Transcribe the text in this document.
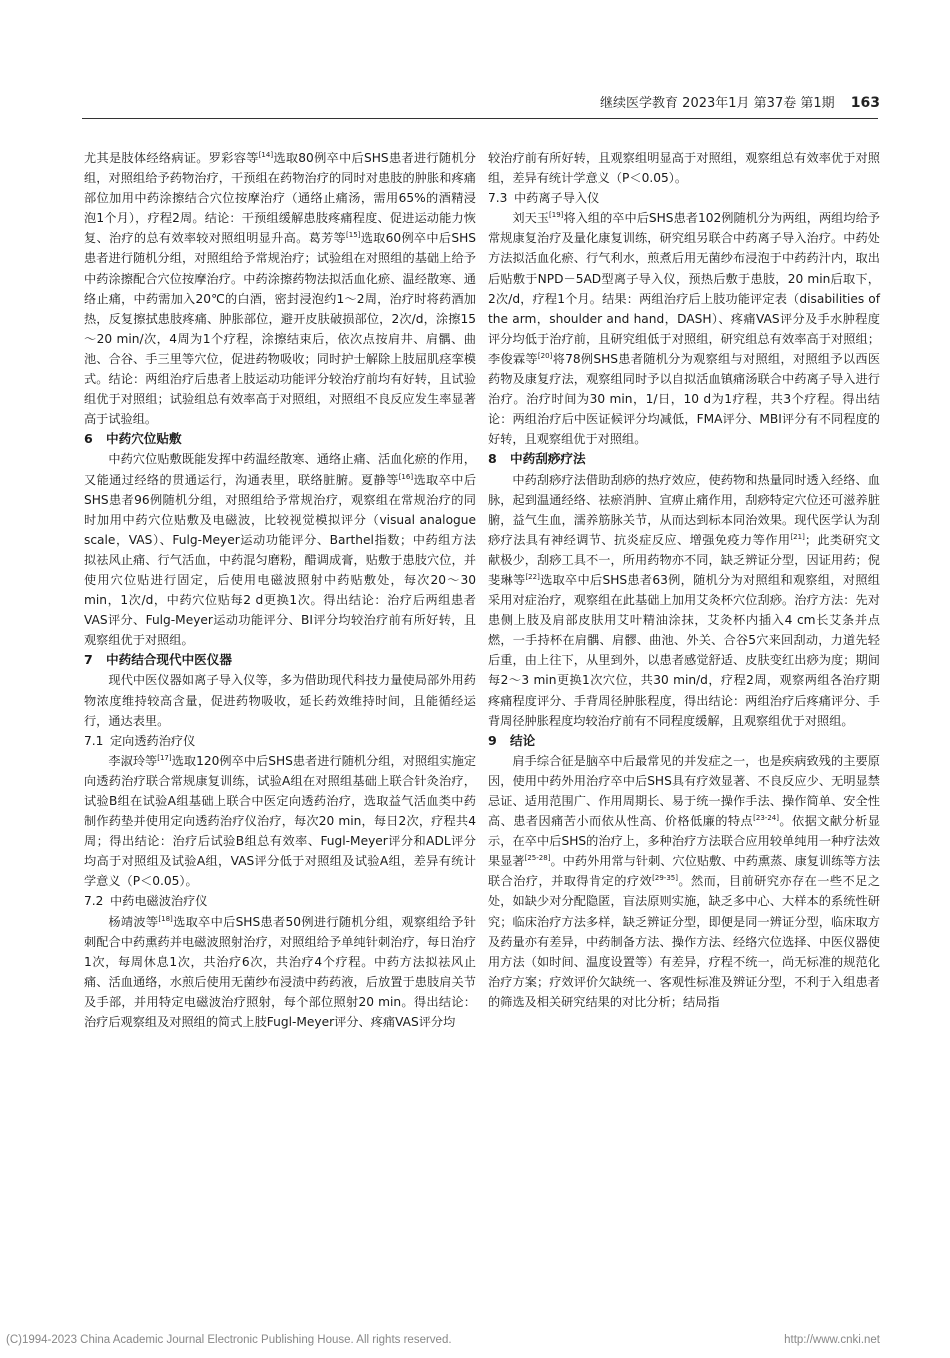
继续医学教育 2023年1月 第37卷 第1期 163

尤其是肢体经络病证。罗彩容等[14]选取80例卒中后SHS患者进行随机分组，对照组给予药物治疗，干预组在药物治疗的同时对患肢的肿胀和疼痛部位加用中药涂擦结合穴位按摩治疗（通络止痛汤，需用65%的酒精浸泡1个月），疗程2周。结论：干预组缓解患肢疼痛程度、促进运动能力恢复、治疗的总有效率较对照组明显升高。葛芳等[15]选取60例卒中后SHS患者进行随机分组，对照组给予常规治疗；试验组在对照组的基础上给予中药涂擦配合穴位按摩治疗。中药涂擦药物法拟活血化瘀、温经散寒、通络止痛，中药需加入20℃的白酒，密封浸泡约1～2周，治疗时将药酒加热，反复擦拭患肢疼痛、肿胀部位，避开皮肤破损部位，2次/d，涂擦15～20 min/次，4周为1个疗程，涂擦结束后，依次点按肩井、肩髃、曲池、合谷、手三里等穴位，促进药物吸收；同时护士解除上肢屈肌痉挛模式。结论：两组治疗后患者上肢运动功能评分较治疗前均有好转，且试验组优于对照组；试验组总有效率高于对照组，对照组不良反应发生率显著高于试验组。

6 中药穴位贴敷

中药穴位贴敷既能发挥中药温经散寒、通络止痛、活血化瘀的作用，又能通过经络的贯通运行，沟通表里，联络脏腑。夏静等[16]选取卒中后SHS患者96例随机分组，对照组给予常规治疗，观察组在常规治疗的同时加用中药穴位贴敷及电磁波，比较视觉模拟评分（visual analogue scale，VAS）、Fulg-Meyer运动功能评分、Barthel指数；中药组方法拟祛风止痛、行气活血，中药混匀磨粉，醋调成膏，贴敷于患肢穴位，并使用穴位贴进行固定，后使用电磁波照射中药贴敷处，每次20～30 min，1次/d，中药穴位贴每2 d更换1次。得出结论：治疗后两组患者VAS评分、Fulg-Meyer运动功能评分、BI评分均较治疗前有所好转，且观察组优于对照组。

7 中药结合现代中医仪器

现代中医仪器如离子导入仪等，多为借助现代科技力量使局部外用药物浓度维持较高含量，促进药物吸收，延长药效维持时间，且能循经运行，通达表里。

7.1 定向透药治疗仪

李淑玲等[17]选取120例卒中后SHS患者进行随机分组，对照组实施定向透药治疗联合常规康复训练，试验A组在对照组基础上联合针灸治疗，试验B组在试验A组基础上联合中医定向透药治疗，选取益气活血类中药制作药垫并使用定向透药治疗仪治疗，每次20 min，每日2次，疗程共4周；得出结论：治疗后试验B组总有效率、Fugl-Meyer评分和ADL评分均高于对照组及试验A组，VAS评分低于对照组及试验A组，差异有统计学意义（P＜0.05）。

7.2 中药电磁波治疗仪

杨靖波等[18]选取卒中后SHS患者50例进行随机分组，观察组给予针刺配合中药熏药并电磁波照射治疗，对照组给予单纯针刺治疗，每日治疗1次，每周休息1次，共治疗6次，共治疗4个疗程。中药方法拟祛风止痛、活血通络，水煎后使用无菌纱布浸渍中药药液，后放置于患肢肩关节及手部，并用特定电磁波治疗照射，每个部位照射20 min。得出结论：治疗后观察组及对照组的简式上肢Fugl-Meyer评分、疼痛VAS评分均

较治疗前有所好转，且观察组明显高于对照组，观察组总有效率优于对照组，差异有统计学意义（P＜0.05）。

7.3 中药离子导入仪

刘天玉[19]将入组的卒中后SHS患者102例随机分为两组，两组均给予常规康复治疗及量化康复训练，研究组另联合中药离子导入治疗。中药处方法拟活血化瘀、行气利水，煎煮后用无菌纱布浸泡于中药药汁内，取出后贴敷于NPD－5AD型离子导入仪，预热后敷于患肢，20 min后取下，2次/d，疗程1个月。结果：两组治疗后上肢功能评定表（disabilities of the arm，shoulder and hand，DASH）、疼痛VAS评分及手水肿程度评分均低于治疗前，且研究组低于对照组，研究组总有效率高于对照组；李俊霖等[20]将78例SHS患者随机分为观察组与对照组，对照组予以西医药物及康复疗法，观察组同时予以自拟活血镇痛汤联合中药离子导入进行治疗。治疗时间为30 min，1/日，10 d为1疗程，共3个疗程。得出结论：两组治疗后中医证候评分均减低，FMA评分、MBI评分有不同程度的好转，且观察组优于对照组。

8 中药刮痧疗法

中药刮痧疗法借助刮痧的热疗效应，使药物和热量同时透入经络、血脉，起到温通经络、祛瘀消肿、宣痹止痛作用，刮痧特定穴位还可滋养脏腑，益气生血，濡养筋脉关节，从而达到标本同治效果。现代医学认为刮痧疗法具有神经调节、抗炎症反应、增强免疫力等作用[21]；此类研究文献极少，刮痧工具不一，所用药物亦不同，缺乏辨证分型，因证用药；倪斐琳等[22]选取卒中后SHS患者63例，随机分为对照组和观察组，对照组采用对症治疗，观察组在此基础上加用艾灸杯穴位刮痧。治疗方法：先对患侧上肢及肩部皮肤用艾叶精油涂抹，艾灸杯内插入4 cm长艾条并点燃，一手持杯在肩髃、肩髎、曲池、外关、合谷5穴来回刮动，力道先轻后重，由上往下，从里到外，以患者感觉舒适、皮肤变红出痧为度；期间每2～3 min更换1次穴位，共30 min/d，疗程2周，观察两组各治疗期疼痛程度评分、手背周径肿胀程度，得出结论：两组治疗后疼痛评分、手背周径肿胀程度均较治疗前有不同程度缓解，且观察组优于对照组。

9 结论

肩手综合征是脑卒中后最常见的并发症之一，也是疾病致残的主要原因，使用中药外用治疗卒中后SHS具有疗效显著、不良反应少、无明显禁忌证、适用范围广、作用周期长、易于统一操作手法、操作简单、安全性高、患者因痛苦小而依从性高、价格低廉的特点[23-24]。依据文献分析显示，在卒中后SHS的治疗上，多种治疗方法联合应用较单纯用一种疗法效果显著[25-28]。中药外用常与针刺、穴位贴敷、中药熏蒸、康复训练等方法联合治疗，并取得肯定的疗效[29-35]。然而，目前研究亦存在一些不足之处，如缺少对分配隐匿，盲法原则实施，缺乏多中心、大样本的系统性研究；临床治疗方法多样，缺乏辨证分型，即便是同一辨证分型，临床取方及药量亦有差异，中药制备方法、操作方法、经络穴位选择、中医仪器使用方法（如时间、温度设置等）有差异，疗程不统一，尚无标准的规范化治疗方案；疗效评价欠缺统一、客观性标准及辨证分型，不利于入组患者的筛选及相关研究结果的对比分析；结局指

(C)1994-2023 China Academic Journal Electronic Publishing House. All rights reserved.	http://www.cnki.net
